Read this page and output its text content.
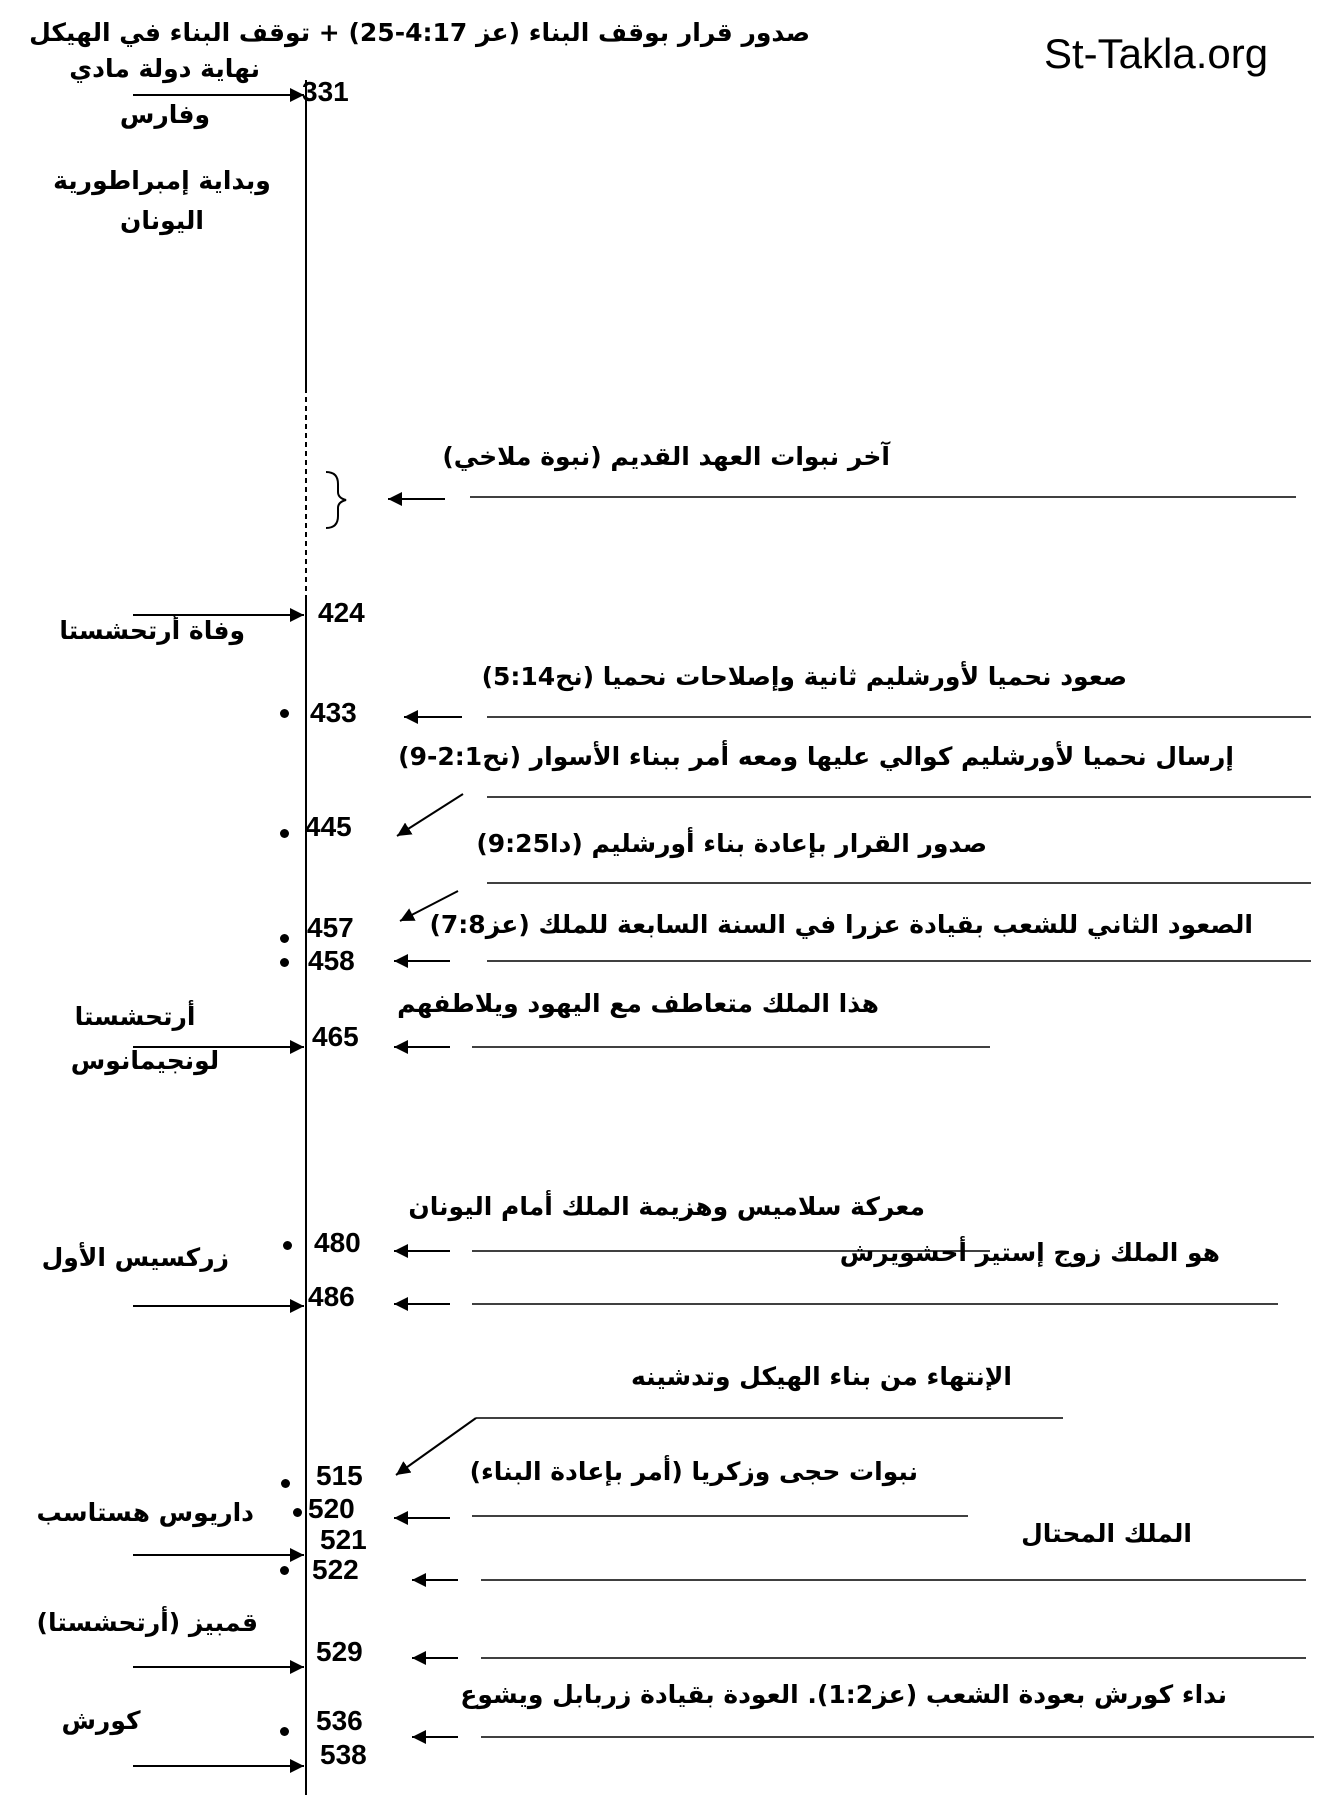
St-Takla.org
صدور قرار بوقف البناء (عز 4:17-25) + توقف البناء في الهيكل
نهاية دولة مادي
وفارس
وبداية إمبراطورية
اليونان
وفاة أرتحشستا
أرتحشستا
لونجيمانوس
زركسيس الأول
داريوس هستاسب
قمبيز (أرتحشستا)
كورش
331
424
433
445
457
458
465
480
486
515
520
521
522
529
536
538
آخر نبوات العهد القديم (نبوة ملاخي)
صعود نحميا لأورشليم ثانية وإصلاحات نحميا (نح5:14)
إرسال نحميا لأورشليم كوالي عليها ومعه أمر ببناء الأسوار (نح2:1-9)
صدور القرار بإعادة بناء أورشليم (دا9:25)
الصعود الثاني للشعب بقيادة عزرا في السنة السابعة للملك (عز7:8)
هذا الملك متعاطف مع اليهود ويلاطفهم
معركة سلاميس وهزيمة الملك أمام اليونان
هو الملك زوج إستير أحشويرش
الإنتهاء من بناء الهيكل وتدشينه
نبوات حجى وزكريا (أمر بإعادة البناء)
الملك المحتال
نداء كورش بعودة الشعب (عز1:2). العودة بقيادة زربابل ويشوع
